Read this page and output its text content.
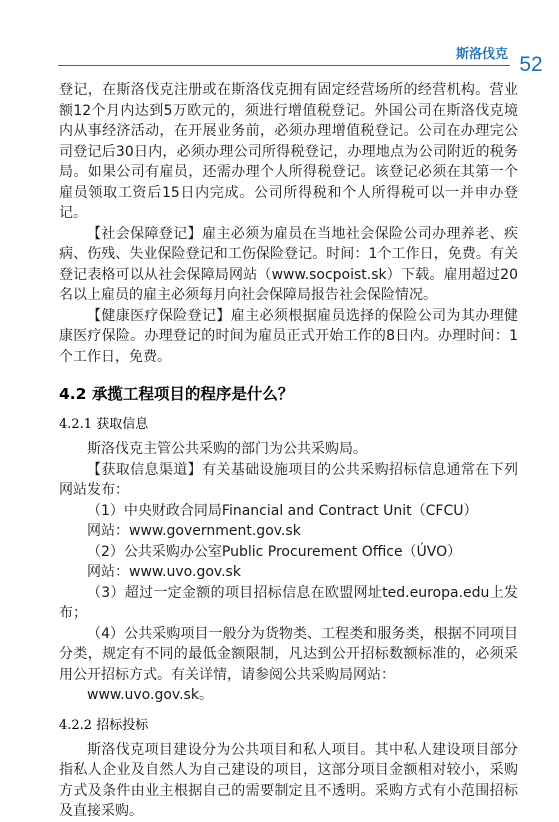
斯洛伐克 52

登记，在斯洛伐克注册或在斯洛伐克拥有固定经营场所的经营机构。营业额12个月内达到5万欧元的，须进行增值税登记。外国公司在斯洛伐克境内从事经济活动，在开展业务前，必须办理增值税登记。公司在办理完公司登记后30日内，必须办理公司所得税登记，办理地点为公司附近的税务局。如果公司有雇员，还需办理个人所得税登记。该登记必须在其第一个雇员领取工资后15日内完成。公司所得税和个人所得税可以一并申办登记。

【社会保障登记】雇主必须为雇员在当地社会保险公司办理养老、疾病、伤残、失业保险登记和工伤保险登记。时间：1个工作日，免费。有关登记表格可以从社会保障局网站（www.socpoist.sk）下载。雇用超过20名以上雇员的雇主必须每月向社会保障局报告社会保险情况。

【健康医疗保险登记】雇主必须根据雇员选择的保险公司为其办理健康医疗保险。办理登记的时间为雇员正式开始工作的8日内。办理时间：1个工作日，免费。

4.2 承揽工程项目的程序是什么？
4.2.1 获取信息

斯洛伐克主管公共采购的部门为公共采购局。

【获取信息渠道】有关基础设施项目的公共采购招标信息通常在下列网站发布：

（1）中央财政合同局Financial and Contract Unit（CFCU）

网站：www.government.gov.sk

（2）公共采购办公室Public Procurement Office（ÚVO）

网站：www.uvo.gov.sk

（3）超过一定金额的项目招标信息在欧盟网址ted.europa.edu上发布；

（4）公共采购项目一般分为货物类、工程类和服务类，根据不同项目分类，规定有不同的最低金额限制，凡达到公开招标数额标准的，必须采用公开招标方式。有关详情，请参阅公共采购局网站：

www.uvo.gov.sk。

4.2.2 招标投标

斯洛伐克项目建设分为公共项目和私人项目。其中私人建设项目部分指私人企业及自然人为自己建设的项目，这部分项目金额相对较小，采购方式及条件由业主根据自己的需要制定且不透明。采购方式有小范围招标及直接采购。
